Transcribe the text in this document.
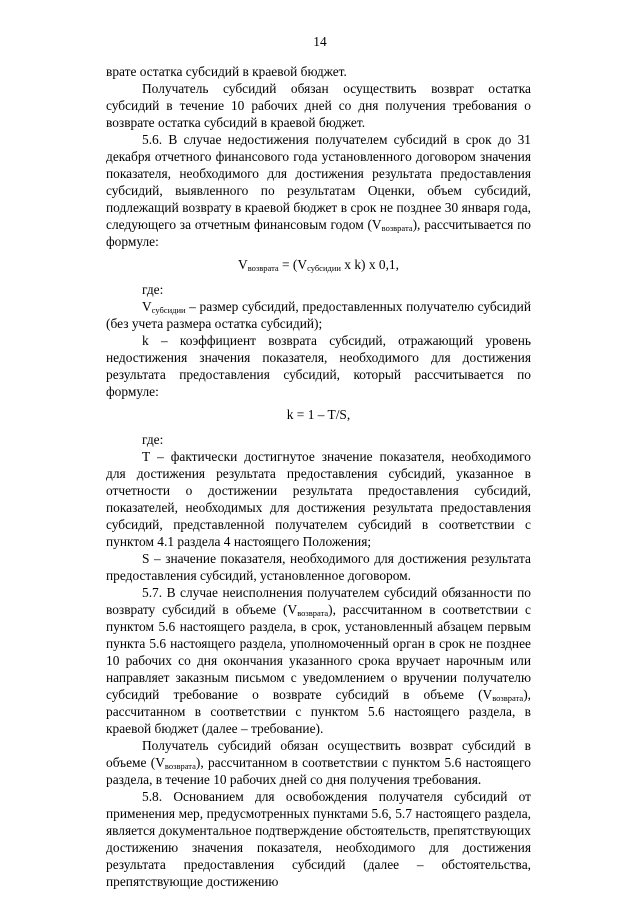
14

врате остатка субсидий в краевой бюджет.

Получатель субсидий обязан осуществить возврат остатка субсидий в течение 10 рабочих дней со дня получения требования о возврате остатка субсидий в краевой бюджет.

5.6. В случае недостижения получателем субсидий в срок до 31 декабря отчетного финансового года установленного договором значения показателя, необходимого для достижения результата предоставления субсидий, выявленного по результатам Оценки, объем субсидий, подлежащий возврату в краевой бюджет в срок не позднее 30 января года, следующего за отчетным финансовым годом $(V_{возврата})$, рассчитывается по формуле:

$V_{возврата} = (V_{субсидии}$ x k) x 0,1,

где:

$V_{субсидии}$ – размер субсидий, предоставленных получателю субсидий (без учета размера остатка субсидий);

k – коэффициент возврата субсидий, отражающий уровень недостижения значения показателя, необходимого для достижения результата предоставления субсидий, который рассчитывается по формуле:

k = 1 – T/S,

где:

Т – фактически достигнутое значение показателя, необходимого для достижения результата предоставления субсидий, указанное в отчетности о достижении результата предоставления субсидий, показателей, необходимых для достижения результата предоставления субсидий, представленной получателем субсидий в соответствии с пунктом 4.1 раздела 4 настоящего Положения;

S – значение показателя, необходимого для достижения результата предоставления субсидий, установленное договором.

5.7. В случае неисполнения получателем субсидий обязанности по возврату субсидий в объеме $(V_{возврата})$, рассчитанном в соответствии с пунктом 5.6 настоящего раздела, в срок, установленный абзацем первым пункта 5.6 настоящего раздела, уполномоченный орган в срок не позднее 10 рабочих со дня окончания указанного срока вручает нарочным или направляет заказным письмом с уведомлением о вручении получателю субсидий требование о возврате субсидий в объеме $(V_{возврата})$, рассчитанном в соответствии с пунктом 5.6 настоящего раздела, в краевой бюджет (далее – требование).

Получатель субсидий обязан осуществить возврат субсидий в объеме $(V_{возврата})$, рассчитанном в соответствии с пунктом 5.6 настоящего раздела, в течение 10 рабочих дней со дня получения требования.

5.8. Основанием для освобождения получателя субсидий от применения мер, предусмотренных пунктами 5.6, 5.7 настоящего раздела, является документальное подтверждение обстоятельств, препятствующих достижению значения показателя, необходимого для достижения результата предоставления субсидий (далее – обстоятельства, препятствующие достижению
